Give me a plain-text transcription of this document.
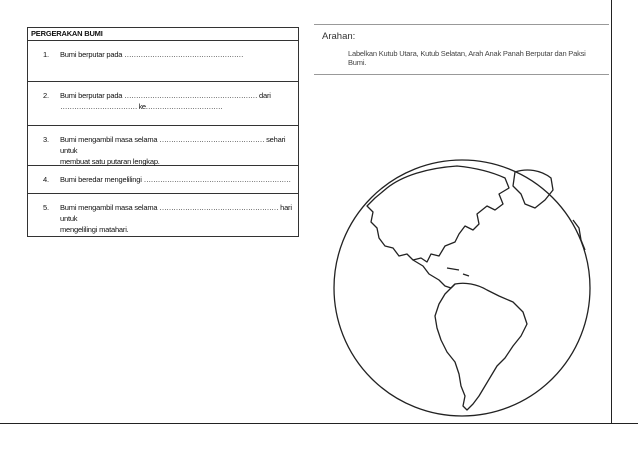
PERGERAKAN BUMI
1. Bumi berputar pada ……………………………………………
2. Bumi berputar pada ………………………………………………… dari
…………………………… ke……………………………
3. Bumi mengambil masa selama ……………………………………… sehari untuk
membuat satu putaran lengkap.
4. Bumi beredar mengelilingi ………………………………………………………
5. Bumi mengambil masa selama …………………………………………… hari untuk
mengelilingi matahari.
Arahan:
Labelkan Kutub Utara, Kutub Selatan, Arah Anak Panah Berputar dan Paksi Bumi.
